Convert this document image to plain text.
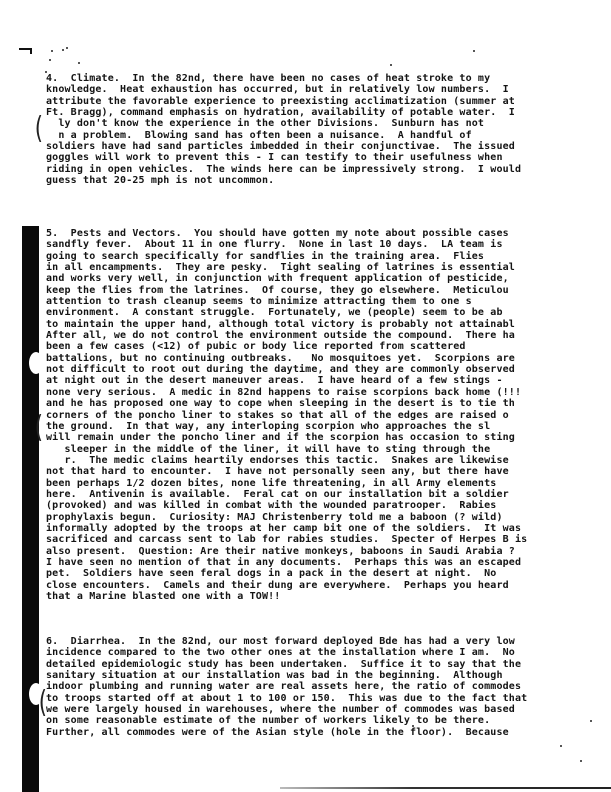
(
(
(
4.  Climate.  In the 82nd, there have been no cases of heat stroke to my
knowledge.  Heat exhaustion has occurred, but in relatively low numbers.  I
attribute the favorable experience to preexisting acclimatization (summer at
Ft. Bragg), command emphasis on hydration, availability of potable water.  I
ly don't know the experience in the other Divisions.  Sunburn has not
n a problem.  Blowing sand has often been a nuisance.  A handful of
soldiers have had sand particles imbedded in their conjunctivae.  The issued
goggles will work to prevent this - I can testify to their usefulness when
riding in open vehicles.  The winds here can be impressively strong.  I would
guess that 20-25 mph is not uncommon.
5.  Pests and Vectors.  You should have gotten my note about possible cases
sandfly fever.  About 11 in one flurry.  None in last 10 days.  LA team is
going to search specifically for sandflies in the training area.  Flies
in all encampments.  They are pesky.  Tight sealing of latrines is essential
and works very well, in conjunction with frequent application of pesticide,
keep the flies from the latrines.  Of course, they go elsewhere.  Meticulou
attention to trash cleanup seems to minimize attracting them to one s
environment.  A constant struggle.  Fortunately, we (people) seem to be ab
to maintain the upper hand, although total victory is probably not attainabl
After all, we do not control the environment outside the compound.  There ha
been a few cases (<12) of pubic or body lice reported from scattered
battalions, but no continuing outbreaks.   No mosquitoes yet.  Scorpions are
not difficult to root out during the daytime, and they are commonly observed
at night out in the desert maneuver areas.  I have heard of a few stings -
none very serious.  A medic in 82nd happens to raise scorpions back home (!!!
and he has proposed one way to cope when sleeping in the desert is to tie th
corners of the poncho liner to stakes so that all of the edges are raised o
the ground.  In that way, any interloping scorpion who approaches the sl
will remain under the poncho liner and if the scorpion has occasion to sting
sleeper in the middle of the liner, it will have to sting through the
r.  The medic claims heartily endorses this tactic.  Snakes are likewise
not that hard to encounter.  I have not personally seen any, but there have
been perhaps 1/2 dozen bites, none life threatening, in all Army elements
here.  Antivenin is available.  Feral cat on our installation bit a soldier
(provoked) and was killed in combat with the wounded paratrooper.  Rabies
prophylaxis begun.  Curiosity: MAJ Christenberry told me a baboon (? wild)
informally adopted by the troops at her camp bit one of the soldiers.  It was
sacrificed and carcass sent to lab for rabies studies.  Specter of Herpes B is
also present.  Question: Are their native monkeys, baboons in Saudi Arabia ?
I have seen no mention of that in any documents.  Perhaps this was an escaped
pet.  Soldiers have seen feral dogs in a pack in the desert at night.  No
close encounters.  Camels and their dung are everywhere.  Perhaps you heard
that a Marine blasted one with a TOW!!
6.  Diarrhea.  In the 82nd, our most forward deployed Bde has had a very low
incidence compared to the two other ones at the installation where I am.  No
detailed epidemiologic study has been undertaken.  Suffice it to say that the
sanitary situation at our installation was bad in the beginning.  Although
indoor plumbing and running water are real assets here, the ratio of commodes
to troops started off at about 1 to 100 or 150.  This was due to the fact that
we were largely housed in warehouses, where the number of commodes was based
on some reasonable estimate of the number of workers likely to be there.
Further, all commodes were of the Asian style (hole in the floor).  Because
